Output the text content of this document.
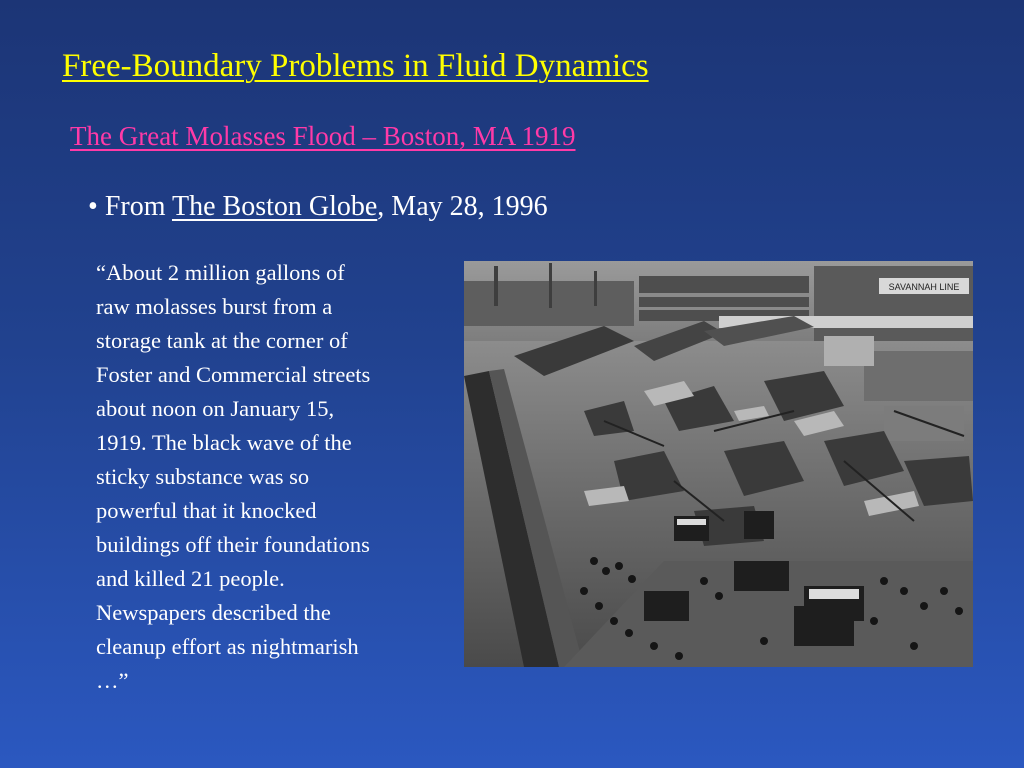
Free-Boundary Problems in Fluid Dynamics
The Great Molasses Flood – Boston, MA 1919
• From The Boston Globe, May 28, 1996
“About 2 million gallons of
raw molasses burst from a
storage tank at the corner of
Foster and Commercial streets
about noon on January 15,
1919. The black wave of the
sticky substance was so
powerful that it knocked
buildings off their foundations
and killed 21 people.
Newspapers described the
cleanup effort as nightmarish
…”
SAVANNAH LINE
